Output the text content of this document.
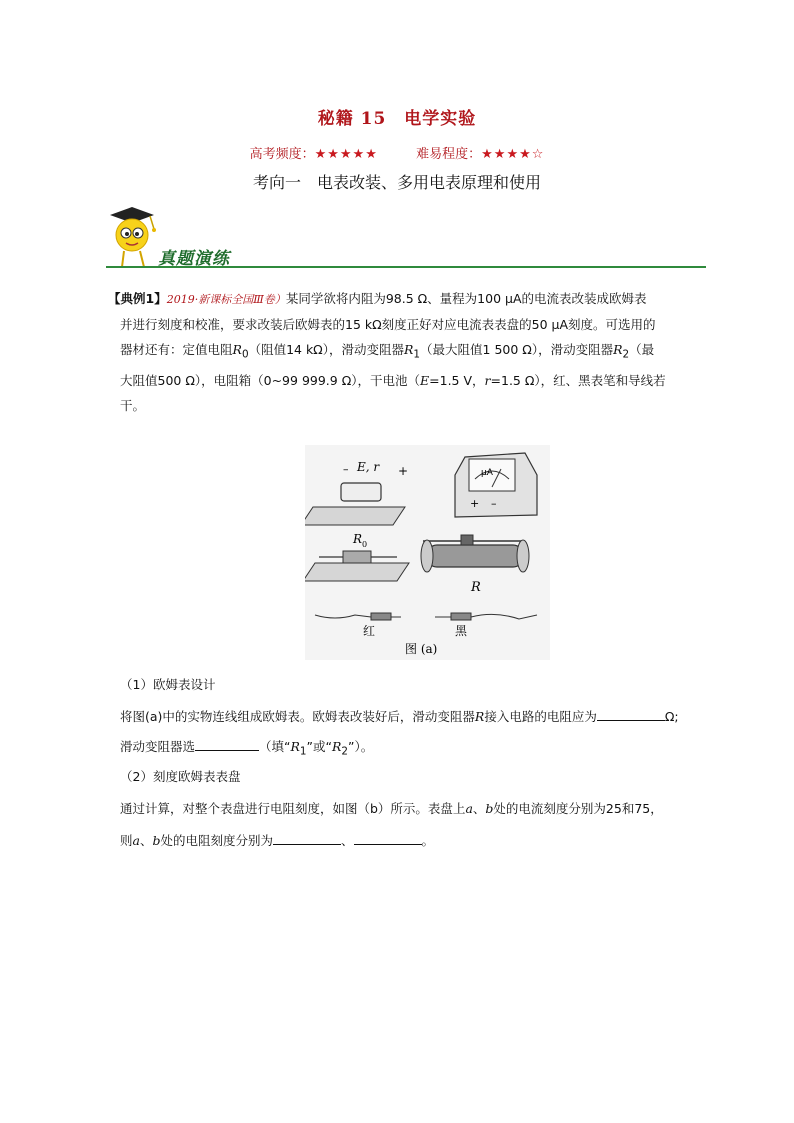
秘籍 15　电学实验
高考频度：★★★★★	难易程度：★★★★☆
考向一　电表改装、多用电表原理和使用
真题演练
【典例1】2019·新课标全国Ⅲ卷）某同学欲将内阻为98.5 Ω、量程为100 μA的电流表改装成欧姆表
并进行刻度和校准，要求改装后欧姆表的15 kΩ刻度正好对应电流表表盘的50 μA刻度。可选用的
器材还有：定值电阻$R_0$（阻值14 kΩ），滑动变阻器$R_1$（最大阻值1 500 Ω），滑动变阻器$R_2$（最
大阻值500 Ω），电阻箱（0~99 999.9 Ω），干电池（E=1.5 V，r=1.5 Ω），红、黑表笔和导线若
干。
– E, r +	μA
+ –
R 0
R
红	黑
图 (a)
（1）欧姆表设计
将图(a)中的实物连线组成欧姆表。欧姆表改装好后，滑动变阻器R接入电路的电阻应为	Ω;
滑动变阻器选	（填“$R_1$”或“$R_2$”）。
（2）刻度欧姆表表盘
通过计算，对整个表盘进行电阻刻度，如图（b）所示。表盘上a、b处的电流刻度分别为25和75，
则a、b处的电阻刻度分别为	、	。
